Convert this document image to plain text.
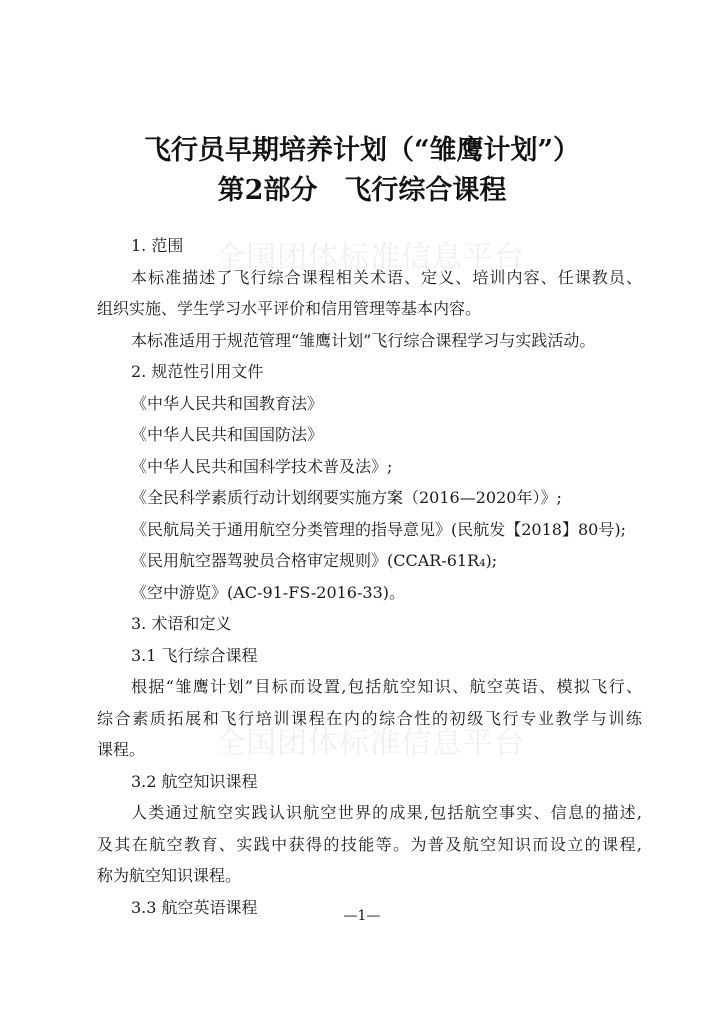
全国团体标准信息平台
全国团体标准信息平台
飞行员早期培养计划（“雏鹰计划”）
第2部分　飞行综合课程
1. 范围
本标准描述了飞行综合课程相关术语、定义、培训内容、任课教员、
组织实施、学生学习水平评价和信用管理等基本内容。
本标准适用于规范管理“雏鹰计划”飞行综合课程学习与实践活动。
2. 规范性引用文件
《中华人民共和国教育法》
《中华人民共和国国防法》
《中华人民共和国科学技术普及法》;
《全民科学素质行动计划纲要实施方案（2016—2020年）》;
《民航局关于通用航空分类管理的指导意见》(民航发【2018】80号);
《民用航空器驾驶员合格审定规则》(CCAR-61R₄);
《空中游览》(AC-91-FS-2016-33)。
3. 术语和定义
3.1 飞行综合课程
根据“雏鹰计划”目标而设置,包括航空知识、航空英语、模拟飞行、
综合素质拓展和飞行培训课程在内的综合性的初级飞行专业教学与训练
课程。
3.2 航空知识课程
人类通过航空实践认识航空世界的成果,包括航空事实、信息的描述,
及其在航空教育、实践中获得的技能等。为普及航空知识而设立的课程,
称为航空知识课程。
3.3 航空英语课程	—1—
